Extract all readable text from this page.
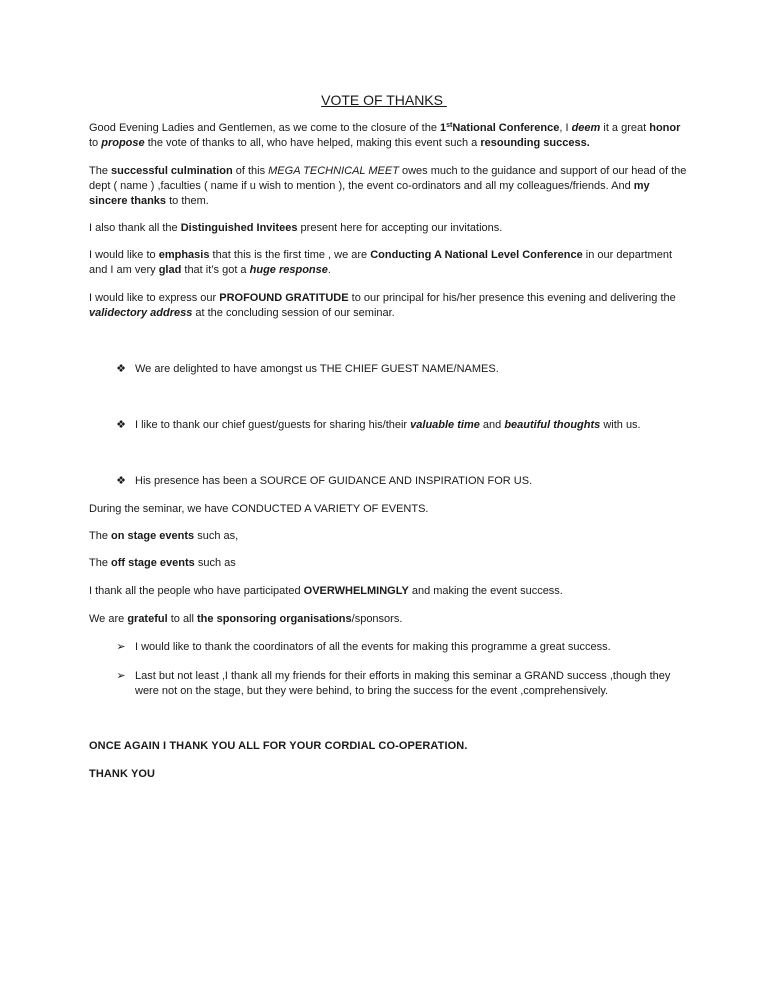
VOTE OF THANKS

Good Evening Ladies and Gentlemen, as we come to the closure of the 1stNational Conference, I deem it a great honor to propose the vote of thanks to all, who have helped, making this event such a resounding success.

The successful culmination of this MEGA TECHNICAL MEET owes much to the guidance and support of our head of the dept ( name ) ,faculties ( name if u wish to mention ), the event co-ordinators and all my colleagues/friends. And my sincere thanks to them.

I also thank all the Distinguished Invitees present here for accepting our invitations.

I would like to emphasis that this is the first time , we are Conducting A National Level Conference in our department and I am very glad that it’s got a huge response.

I would like to express our PROFOUND GRATITUDE to our principal for his/her presence this evening and delivering the validectory address at the concluding session of our seminar.

❖ We are delighted to have amongst us THE CHIEF GUEST NAME/NAMES.
❖ I like to thank our chief guest/guests for sharing his/their valuable time and beautiful thoughts with us.
❖ His presence has been a SOURCE OF GUIDANCE AND INSPIRATION FOR US.

During the seminar, we have CONDUCTED A VARIETY OF EVENTS.

The on stage events such as,

The off stage events such as

I thank all the people who have participated OVERWHELMINGLY and making the event success.

We are grateful to all the sponsoring organisations/sponsors.

➢ I would like to thank the coordinators of all the events for making this programme a great success.
➢ Last but not least ,I thank all my friends for their efforts in making this seminar a GRAND success ,though they were not on the stage, but they were behind, to bring the success for the event ,comprehensively.

ONCE AGAIN I THANK YOU ALL FOR YOUR CORDIAL CO-OPERATION.

THANK YOU
